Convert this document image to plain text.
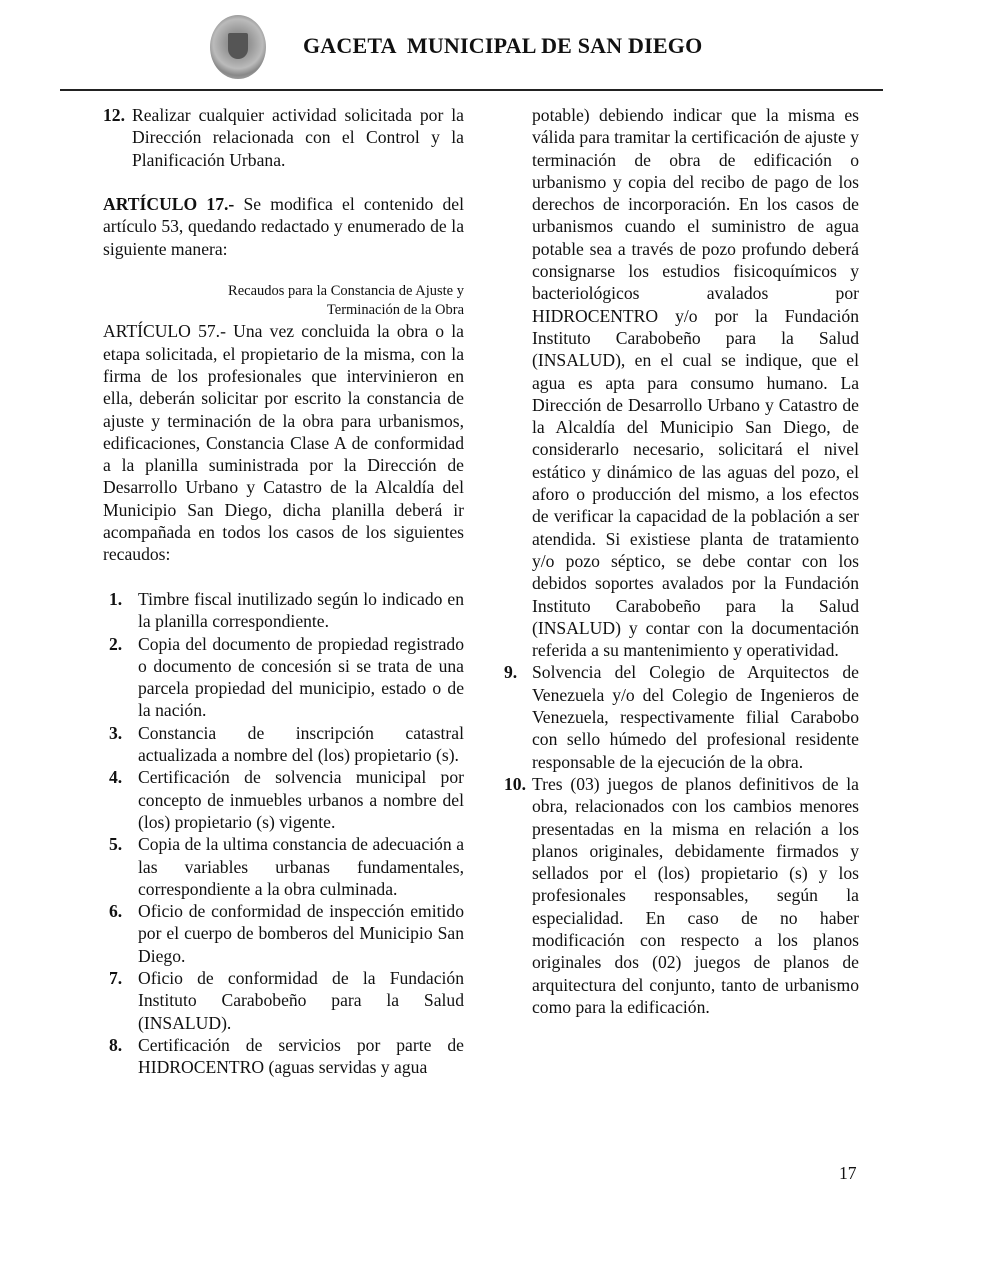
GACETA  MUNICIPAL DE SAN DIEGO
12. Realizar cualquier actividad solicitada por la Dirección relacionada con el Control y la Planificación Urbana.

ARTÍCULO 17.- Se modifica el contenido del artículo 53, quedando redactado y enumerado de la siguiente manera:

Recaudos para la Constancia de Ajuste y Terminación de la Obra

ARTÍCULO 57.- Una vez concluida la obra o la etapa solicitada, el propietario de la misma, con la firma de los profesionales que intervinieron en ella, deberán solicitar por escrito la constancia de ajuste y terminación de la obra para urbanismos, edificaciones, Constancia Clase A de conformidad a la planilla suministrada por la Dirección de Desarrollo Urbano y Catastro de la Alcaldía del Municipio San Diego, dicha planilla deberá ir acompañada en todos los casos de los siguientes recaudos:

1. Timbre fiscal inutilizado según lo indicado en la planilla correspondiente.
2. Copia del documento de propiedad registrado o documento de concesión si se trata de una parcela propiedad del municipio, estado o de la nación.
3. Constancia de inscripción catastral actualizada a nombre del (los) propietario (s).
4. Certificación de solvencia municipal por concepto de inmuebles urbanos a nombre del (los) propietario (s) vigente.
5. Copia de la ultima constancia de adecuación a las variables urbanas fundamentales, correspondiente a la obra culminada.
6. Oficio de conformidad de inspección emitido por el cuerpo de bomberos del Municipio San Diego.
7. Oficio de conformidad de la Fundación Instituto Carabobeño para la Salud (INSALUD).
8. Certificación de servicios por parte de HIDROCENTRO (aguas servidas y agua

potable) debiendo indicar que la misma es válida para tramitar la certificación de ajuste y terminación de obra de edificación o urbanismo y copia del recibo de pago de los derechos de incorporación. En los casos de urbanismos cuando el suministro de agua potable sea a través de pozo profundo deberá consignarse los estudios fisicoquímicos y bacteriológicos avalados por HIDROCENTRO y/o por la Fundación Instituto Carabobeño para la Salud (INSALUD), en el cual se indique, que el agua es apta para consumo humano. La Dirección de Desarrollo Urbano y Catastro de la Alcaldía del Municipio San Diego, de considerarlo necesario, solicitará el nivel estático y dinámico de las aguas del pozo, el aforo o producción del mismo, a los efectos de verificar la capacidad de la población a ser atendida. Si existiese planta de tratamiento y/o pozo séptico, se debe contar con los debidos soportes avalados por la Fundación Instituto Carabobeño para la Salud (INSALUD) y contar con la documentación referida a su mantenimiento y operatividad.

9. Solvencia del Colegio de Arquitectos de Venezuela y/o del Colegio de Ingenieros de Venezuela, respectivamente filial Carabobo con sello húmedo del profesional residente responsable de la ejecución de la obra.
10. Tres (03) juegos de planos definitivos de la obra, relacionados con los cambios menores presentadas en la misma en relación a los planos originales, debidamente firmados y sellados por el (los) propietario (s) y los profesionales responsables, según la especialidad. En caso de no haber modificación con respecto a los planos originales dos (02) juegos de planos de arquitectura del conjunto, tanto de urbanismo como para la edificación.
17
